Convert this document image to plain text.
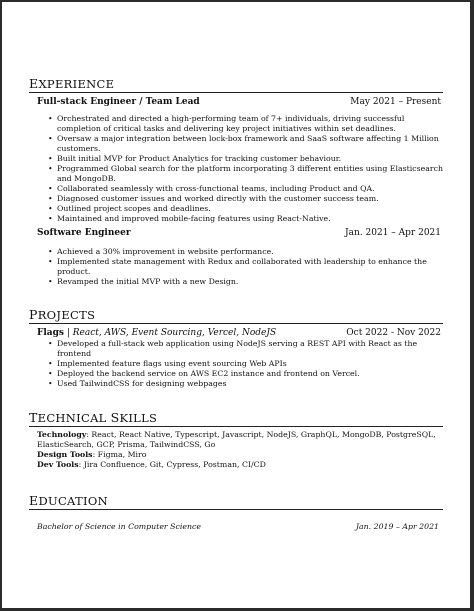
EXPERIENCE
Full-stack Engineer / Team Lead	May 2021 – Present
• Orchestrated and directed a high-performing team of 7+ individuals, driving successful completion of critical tasks and delivering key project initiatives within set deadlines.
• Oversaw a major integration between lock-box framework and SaaS software affecting 1 Million customers.
• Built initial MVP for Product Analytics for tracking customer behaviour.
• Programmed Global search for the platform incorporating 3 different entities using Elasticsearch and MongoDB.
• Collaborated seamlessly with cross-functional teams, including Product and QA.
• Diagnosed customer issues and worked directly with the customer success team.
• Outlined project scopes and deadlines.
• Maintained and improved mobile-facing features using React-Native.
Software Engineer	Jan. 2021 – Apr 2021
• Achieved a 30% improvement in website performance.
• Implemented state management with Redux and collaborated with leadership to enhance the product.
• Revamped the initial MVP with a new Design.
PROJECTS
Flags | React, AWS, Event Sourcing, Vercel, NodeJS	Oct 2022 - Nov 2022
• Developed a full-stack web application using NodeJS serving a REST API with React as the frontend
• Implemented feature flags using event sourcing Web APIs
• Deployed the backend service on AWS EC2 instance and frontend on Vercel.
• Used TailwindCSS for designing webpages
TECHNICAL SKILLS
Technology: React, React Native, Typescript, Javascript, NodeJS, GraphQL, MongoDB, PostgreSQL, ElasticSearch, GCP, Prisma, TailwindCSS, Go
Design Tools: Figma, Miro
Dev Tools: Jira Confluence, Git, Cypress, Postman, CI/CD
EDUCATION
Bachelor of Science in Computer Science	Jan. 2019 – Apr 2021
